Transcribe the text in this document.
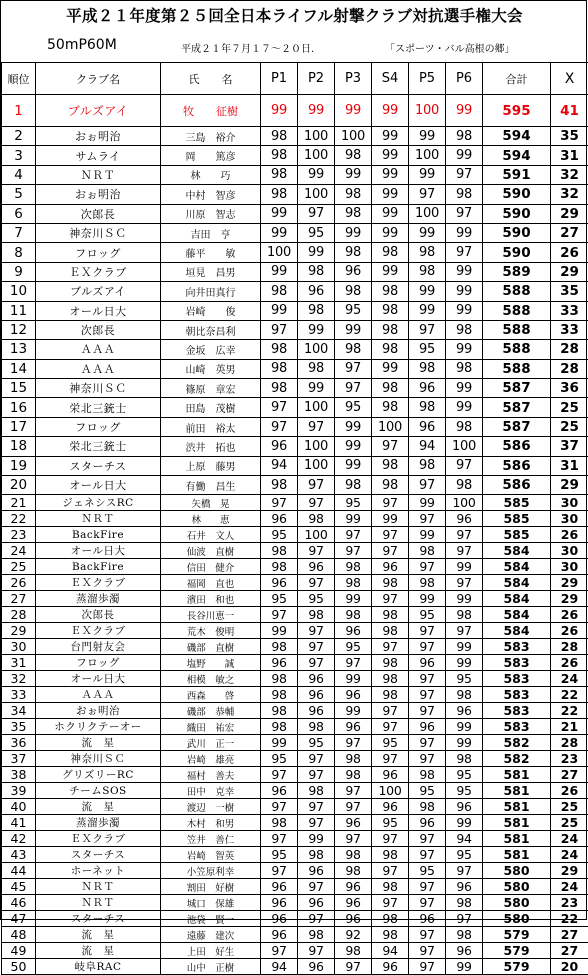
平成２１年度第２５回全日本ライフル射撃クラブ対抗選手権大会
50mP60M	平成２１年７月１７～２０日.	「スポーツ・バル高根の郷」
順位	クラブ名	氏　　名	P1	P2	P3	S4	P5	P6	合計	X
1	ブルズアイ	牧　　征樹	99	99	99	99	100	99	595	41
2	おぉ明治	三島　裕介	98	100	100	99	99	98	594	35
3	サムライ	岡　　篤彦	98	100	98	99	100	99	594	31
4	ＮＲＴ	林　　巧	98	99	99	99	99	97	591	32
5	おぉ明治	中村　智彦	98	100	98	99	97	98	590	32
6	次郎長	川原　智志	99	97	98	99	100	97	590	29
7	神奈川ＳＣ	吉田　亨	99	95	99	99	99	99	590	27
8	フロッグ	藤平　　敏	100	99	98	98	98	97	590	26
9	ＥＸクラブ	垣見　昌男	99	98	96	99	98	99	589	29
10	ブルズアイ	向井田真行	98	96	98	98	99	99	588	35
11	オール日大	岩崎　　俊	99	98	95	98	99	99	588	33
12	次郎長	朝比奈昌利	97	99	99	98	97	98	588	33
13	ＡＡＡ	金坂　広幸	98	100	98	98	95	99	588	28
14	ＡＡＡ	山崎　英男	98	98	97	99	98	98	588	28
15	神奈川ＳＣ	篠原　章宏	98	99	97	98	96	99	587	36
16	栄北三銃士	田島　茂樹	97	100	95	98	98	99	587	25
17	フロッグ	前田　裕太	97	97	99	100	96	98	587	25
18	栄北三銃士	渋井　拓也	96	100	99	97	94	100	586	37
19	スターチス	上原　藤男	94	100	99	98	98	97	586	31
20	オール日大	有働　昌生	98	97	98	98	97	98	586	29
21	ジェネシスRC	矢橋　晃	97	97	95	97	99	100	585	30
22	ＮＲＴ	林　　恵	96	98	99	99	97	96	585	30
23	BackFire	石井　文人	95	100	97	97	99	97	585	26
24	オール日大	仙波　直樹	98	97	97	97	98	97	584	30
25	BackFire	信田　健介	98	96	98	96	97	99	584	30
26	ＥＸクラブ	福岡　直也	96	97	98	98	98	97	584	29
27	蒸溜歩濁	濱田　和也	95	95	99	97	99	99	584	29
28	次郎長	長谷川恵一	97	98	98	98	95	98	584	26
29	ＥＸクラブ	荒木　俊明	99	97	96	98	97	97	584	26
30	台門射友会	磯部　直樹	98	97	95	97	97	99	583	28
31	フロッグ	塩野　　誠	96	97	97	98	96	99	583	26
32	オール日大	相模　敏之	98	96	99	98	97	95	583	24
33	ＡＡＡ	西森　　啓	98	96	96	98	97	98	583	22
34	おぉ明治	磯部　恭輔	98	96	99	97	97	96	583	22
35	ホクリクテーオー	織田　祐宏	98	98	96	97	96	99	583	21
36	流　星	武川　正一	99	95	97	95	97	99	582	28
37	神奈川ＳＣ	岩崎　雄亮	95	97	98	97	97	98	582	23
38	グリズリーRC	福村　善夫	97	97	98	96	98	95	581	27
39	チームSOS	田中　克幸	96	98	97	100	95	95	581	26
40	流　星	渡辺　一樹	97	97	97	96	98	96	581	25
41	蒸溜歩濁	木村　和男	98	97	96	95	96	99	581	25
42	ＥＸクラブ	笠井　善仁	97	99	97	97	97	94	581	24
43	スターチス	岩崎　智英	95	98	98	98	97	95	581	24
44	ホーネット	小笠原利幸	97	96	98	97	95	97	580	29
45	ＮＲＴ	割田　好樹	96	97	96	98	97	96	580	24
46	ＮＲＴ	城口　保雄	96	96	96	97	97	98	580	23
47	スターチス	池袋　賢一	96	97	96	98	96	97	580	22
48	流　星	遠藤　建次	96	98	92	98	97	98	579	27
49	流　星	上田　好生	97	97	98	94	97	96	579	27
50	岐阜RAC	山中　正樹	94	96	97	96	97	99	579	20
